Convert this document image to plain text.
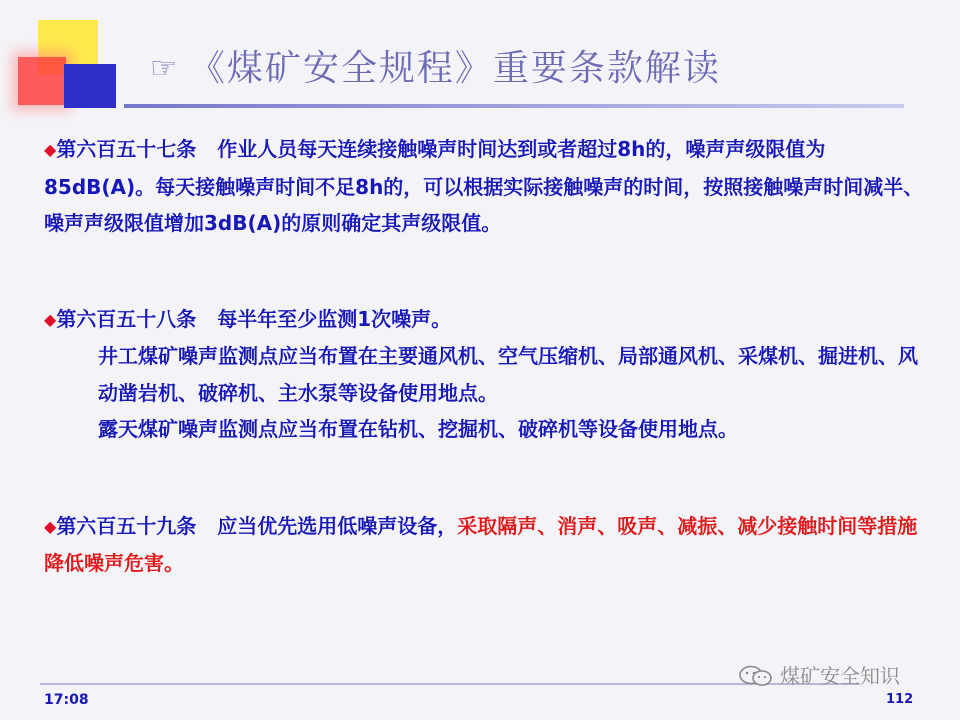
☞ 《煤矿安全规程》重要条款解读

◆第六百五十七条 作业人员每天连续接触噪声时间达到或者超过8h的，噪声声级限值为85dB(A)。每天接触噪声时间不足8h的，可以根据实际接触噪声的时间，按照接触噪声时间减半、噪声声级限值增加3dB(A)的原则确定其声级限值。

◆第六百五十八条 每半年至少监测1次噪声。

井工煤矿噪声监测点应当布置在主要通风机、空气压缩机、局部通风机、采煤机、掘进机、风动凿岩机、破碎机、主水泵等设备使用地点。

露天煤矿噪声监测点应当布置在钻机、挖掘机、破碎机等设备使用地点。

◆第六百五十九条 应当优先选用低噪声设备，采取隔声、消声、吸声、减振、减少接触时间等措施降低噪声危害。

17:08	112
煤矿安全知识
